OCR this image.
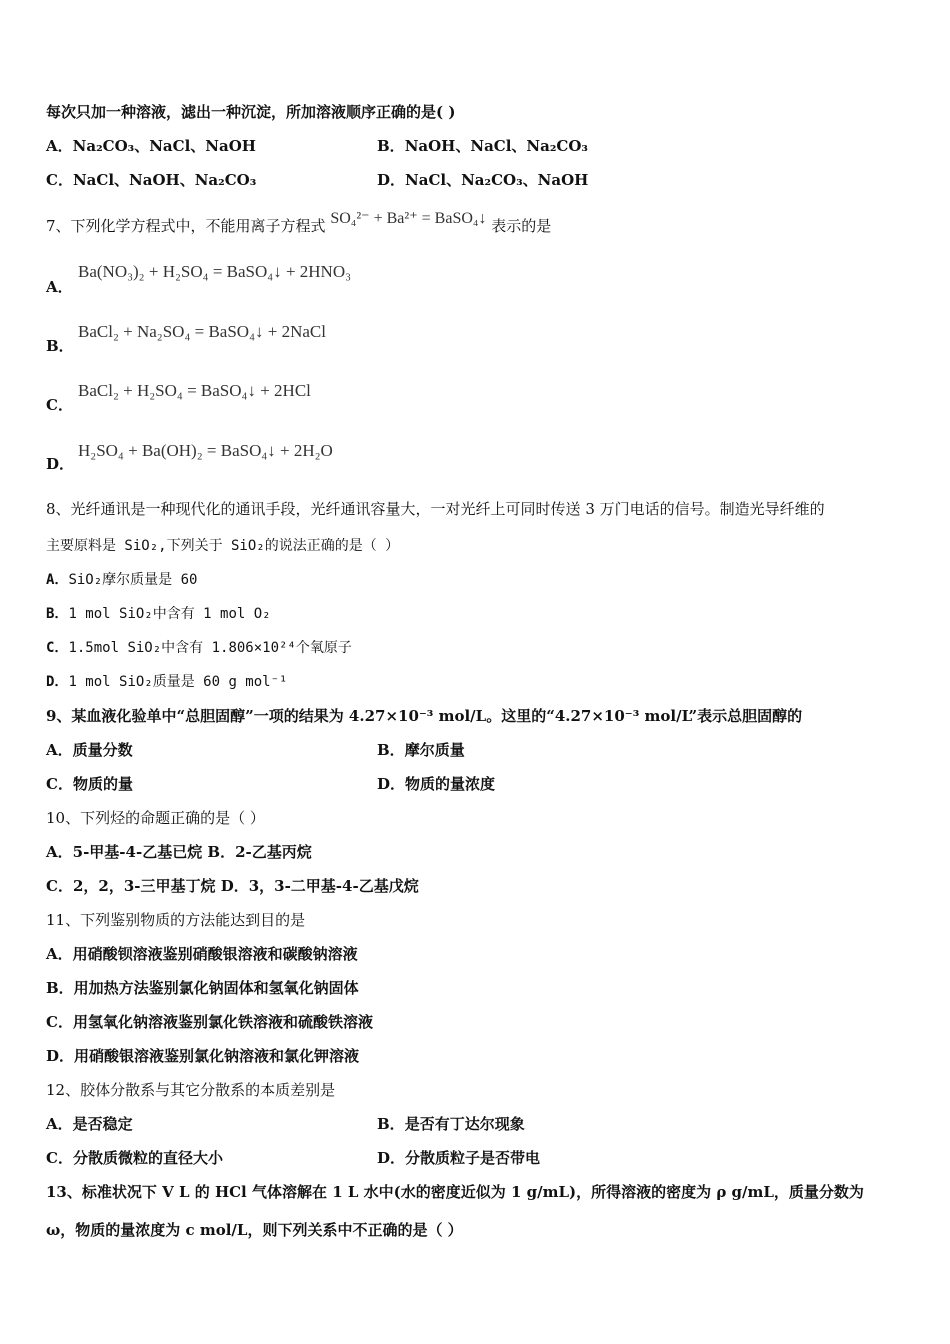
每次只加一种溶液，滤出一种沉淀，所加溶液顺序正确的是( )
A．Na₂CO₃、NaCl、NaOH	B．NaOH、NaCl、Na₂CO₃
C．NaCl、NaOH、Na₂CO₃	D．NaCl、Na₂CO₃、NaOH
7、下列化学方程式中，不能用离子方程式 SO₄²⁻ + Ba²⁺ = BaSO₄↓ 表示的是
A．
Ba(NO₃)₂ + H₂SO₄ = BaSO₄↓ + 2HNO₃
B．
BaCl₂ + Na₂SO₄ = BaSO₄↓ + 2NaCl
C．
BaCl₂ + H₂SO₄ = BaSO₄↓ + 2HCl
D．
H₂SO₄ + Ba(OH)₂ = BaSO₄↓ + 2H₂O
8、光纤通讯是一种现代化的通讯手段，光纤通讯容量大，一对光纤上可同时传送 3 万门电话的信号。制造光导纤维的
主要原料是 SiO₂,下列关于 SiO₂的说法正确的是（ ）
A．SiO₂摩尔质量是 60
B．1 mol SiO₂中含有 1 mol O₂
C．1.5mol SiO₂中含有 1.806×10²⁴个氧原子
D．1 mol SiO₂质量是 60 g mol⁻¹
9、某血液化验单中“总胆固醇”一项的结果为 4.27×10⁻³ mol/L。这里的“4.27×10⁻³ mol/L”表示总胆固醇的
A．质量分数	B．摩尔质量
C．物质的量	D．物质的量浓度
10、下列烃的命题正确的是（ ）
A．5-甲基-4-乙基已烷 B．2-乙基丙烷
C．2，2，3-三甲基丁烷 D．3，3-二甲基-4-乙基戊烷
11、下列鉴别物质的方法能达到目的是
A．用硝酸钡溶液鉴别硝酸银溶液和碳酸钠溶液
B．用加热方法鉴别氯化钠固体和氢氧化钠固体
C．用氢氧化钠溶液鉴别氯化铁溶液和硫酸铁溶液
D．用硝酸银溶液鉴别氯化钠溶液和氯化钾溶液
12、胶体分散系与其它分散系的本质差别是
A．是否稳定	B．是否有丁达尔现象
C．分散质微粒的直径大小	D．分散质粒子是否带电
13、标准状况下 V L 的 HCl 气体溶解在 1 L 水中(水的密度近似为 1 g/mL)，所得溶液的密度为 ρ g/mL，质量分数为
ω，物质的量浓度为 c mol/L，则下列关系中不正确的是（ ）
